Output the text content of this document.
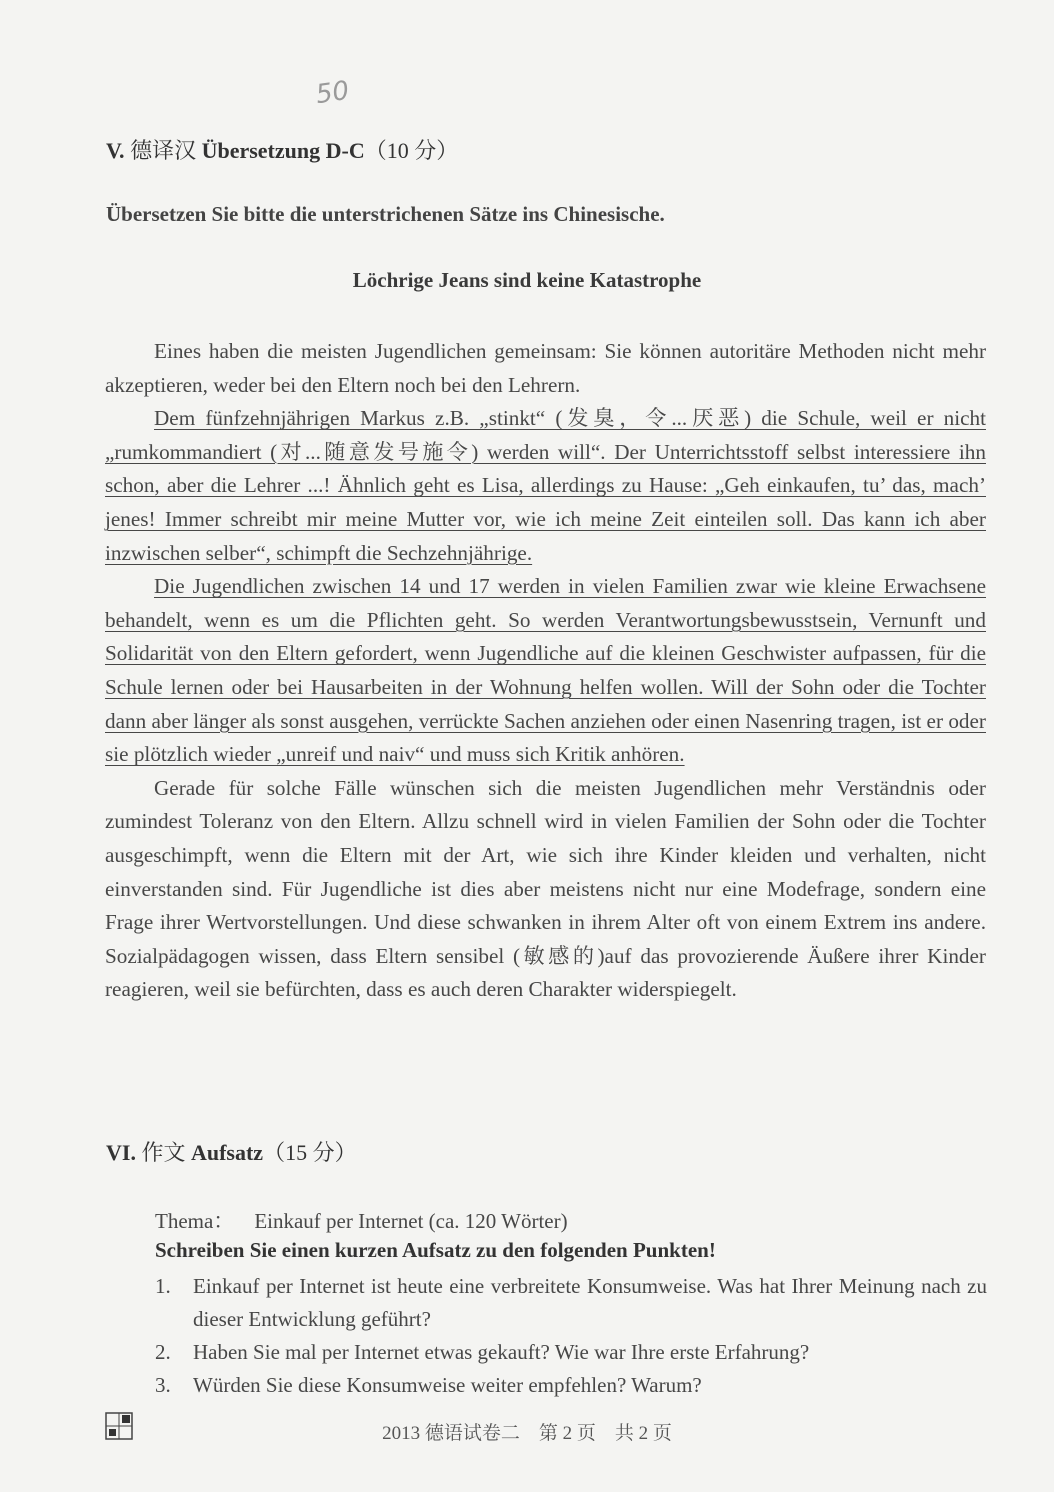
50
V. 德译汉 Übersetzung D-C（10 分）
Übersetzen Sie bitte die unterstrichenen Sätze ins Chinesische.
Löchrige Jeans sind keine Katastrophe

Eines haben die meisten Jugendlichen gemeinsam: Sie können autoritäre Methoden nicht mehr akzeptieren, weder bei den Eltern noch bei den Lehrern.

Dem fünfzehnjährigen Markus z.B. „stinkt“ (发臭，令...厌恶) die Schule, weil er nicht „rumkommandiert (对...随意发号施令) werden will“. Der Unterrichtsstoff selbst interessiere ihn schon, aber die Lehrer ...! Ähnlich geht es Lisa, allerdings zu Hause: „Geh einkaufen, tu’ das, mach’ jenes! Immer schreibt mir meine Mutter vor, wie ich meine Zeit einteilen soll. Das kann ich aber inzwischen selber“, schimpft die Sechzehnjährige.

Die Jugendlichen zwischen 14 und 17 werden in vielen Familien zwar wie kleine Erwachsene behandelt, wenn es um die Pflichten geht. So werden Verantwortungsbewusstsein, Vernunft und Solidarität von den Eltern gefordert, wenn Jugendliche auf die kleinen Geschwister aufpassen, für die Schule lernen oder bei Hausarbeiten in der Wohnung helfen wollen. Will der Sohn oder die Tochter dann aber länger als sonst ausgehen, verrückte Sachen anziehen oder einen Nasenring tragen, ist er oder sie plötzlich wieder „unreif und naiv“ und muss sich Kritik anhören.

Gerade für solche Fälle wünschen sich die meisten Jugendlichen mehr Verständnis oder zumindest Toleranz von den Eltern. Allzu schnell wird in vielen Familien der Sohn oder die Tochter ausgeschimpft, wenn die Eltern mit der Art, wie sich ihre Kinder kleiden und verhalten, nicht einverstanden sind. Für Jugendliche ist dies aber meistens nicht nur eine Modefrage, sondern eine Frage ihrer Wertvorstellungen. Und diese schwanken in ihrem Alter oft von einem Extrem ins andere. Sozialpädagogen wissen, dass Eltern sensibel (敏感的)auf das provozierende Äußere ihrer Kinder reagieren, weil sie befürchten, dass es auch deren Charakter widerspiegelt.

VI. 作文 Aufsatz（15 分）
Thema： Einkauf per Internet (ca. 120 Wörter)
Schreiben Sie einen kurzen Aufsatz zu den folgenden Punkten!
1.	Einkauf per Internet ist heute eine verbreitete Konsumweise. Was hat Ihrer Meinung nach zu dieser Entwicklung geführt?
2.	Haben Sie mal per Internet etwas gekauft? Wie war Ihre erste Erfahrung?
3.	Würden Sie diese Konsumweise weiter empfehlen? Warum?
2013 德语试卷二　第 2 页　共 2 页
